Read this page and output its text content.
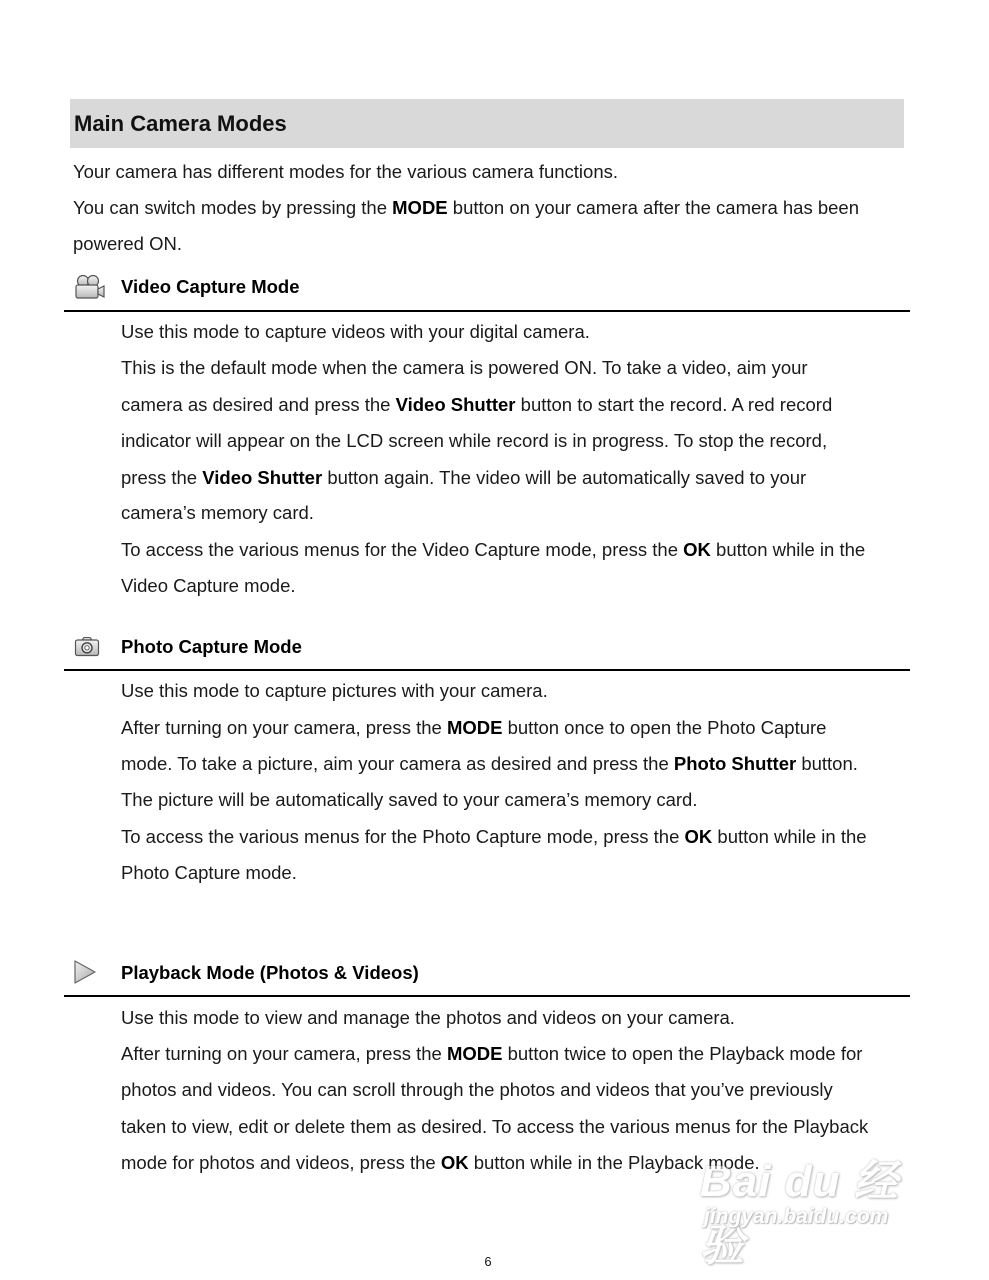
Main Camera Modes
Your camera has different modes for the various camera functions.
You can switch modes by pressing the MODE button on your camera after the camera has been
powered ON.
Video Capture Mode
Use this mode to capture videos with your digital camera.
This is the default mode when the camera is powered ON. To take a video, aim your
camera as desired and press the Video Shutter button to start the record. A red record
indicator will appear on the LCD screen while record is in progress. To stop the record,
press the Video Shutter button again. The video will be automatically saved to your
camera’s memory card.
To access the various menus for the Video Capture mode, press the OK button while in the
Video Capture mode.
Photo Capture Mode
Use this mode to capture pictures with your camera.
After turning on your camera, press the MODE button once to open the Photo Capture
mode. To take a picture, aim your camera as desired and press the Photo Shutter button.
The picture will be automatically saved to your camera’s memory card.
To access the various menus for the Photo Capture mode, press the OK button while in the
Photo Capture mode.
Playback Mode (Photos & Videos)
Use this mode to view and manage the photos and videos on your camera.
After turning on your camera, press the MODE button twice to open the Playback mode for
photos and videos. You can scroll through the photos and videos that you’ve previously
taken to view, edit or delete them as desired. To access the various menus for the Playback
mode for photos and videos, press the OK button while in the Playback mode.
Bai du 经验
jingyan.baidu.com
6
